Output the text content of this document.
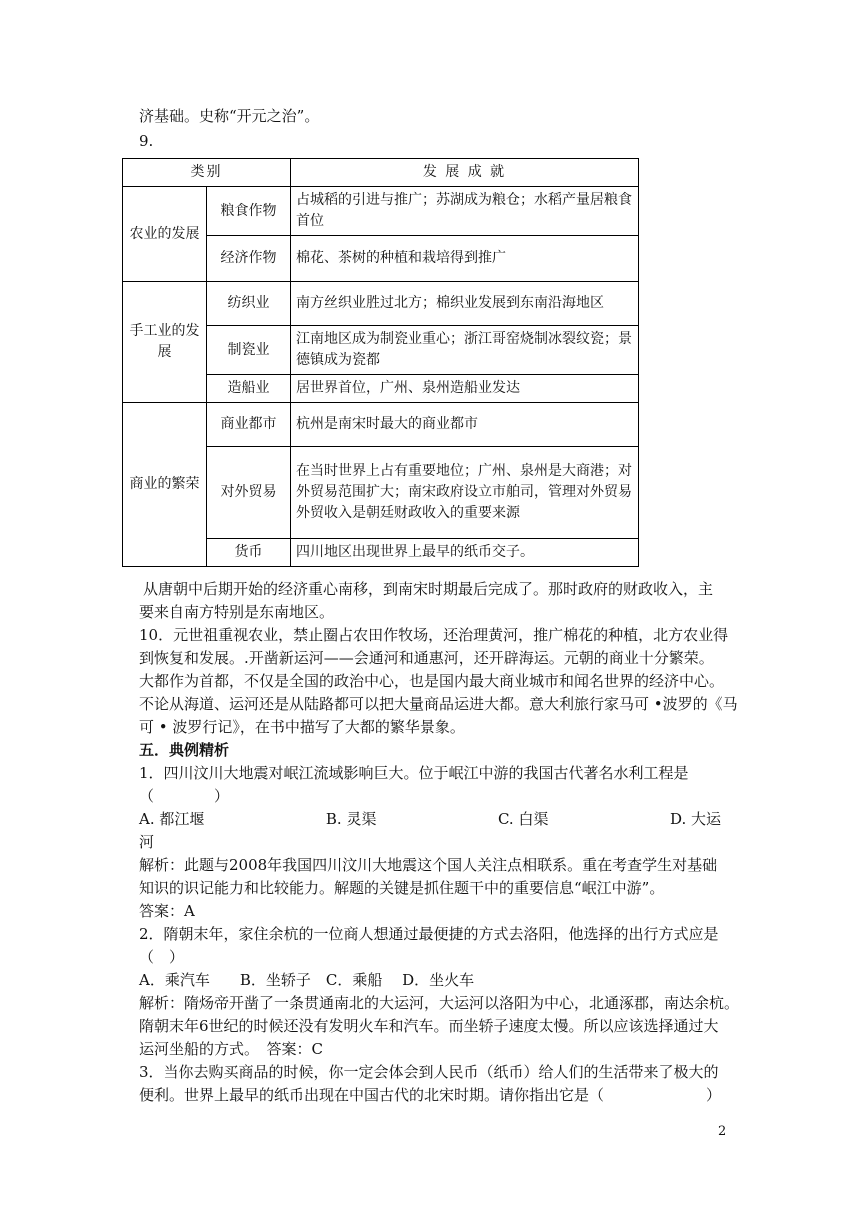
济基础。史称“开元之治”。
9.
类别		发 展 成 就
农业的发展	粮食作物	占城稻的引进与推广；苏湖成为粮仓；水稻产量居粮食首位
	经济作物	棉花、茶树的种植和栽培得到推广
手工业的发展	纺织业	南方丝织业胜过北方；棉织业发展到东南沿海地区
	制瓷业	江南地区成为制瓷业重心；浙江哥窑烧制冰裂纹瓷；景德镇成为瓷都
	造船业	居世界首位，广州、泉州造船业发达
商业的繁荣	商业都市	杭州是南宋时最大的商业都市
	对外贸易	在当时世界上占有重要地位；广州、泉州是大商港；对外贸易范围扩大；南宋政府设立市舶司，管理对外贸易
外贸收入是朝廷财政收入的重要来源

	货币	四川地区出现世界上最早的纸币交子。
从唐朝中后期开始的经济重心南移，到南宋时期最后完成了。那时政府的财政收入，主
要来自南方特别是东南地区。
10．元世祖重视农业，禁止圈占农田作牧场，还治理黄河，推广棉花的种植，北方农业得
到恢复和发展。.开凿新运河——会通河和通惠河，还开辟海运。元朝的商业十分繁荣。
大都作为首都，不仅是全国的政治中心，也是国内最大商业城市和闻名世界的经济中心。
不论从海道、运河还是从陆路都可以把大量商品运进大都。意大利旅行家马可 •波罗的《马
可 • 波罗行记》，在书中描写了大都的繁华景象。
五．典例精析
1．四川汶川大地震对岷江流域影响巨大。位于岷江中游的我国古代著名水利工程是
（　　　　）
A. 都江堰	B. 灵渠	C. 白渠	D. 大运
河
解析：此题与2008年我国四川汶川大地震这个国人关注点相联系。重在考查学生对基础
知识的识记能力和比较能力。解题的关键是抓住题干中的重要信息“岷江中游”。
答案：A
2．隋朝末年，家住余杭的一位商人想通过最便捷的方式去洛阳，他选择的出行方式应是
（　）
A．乘汽车　　B．坐轿子　C．乘船　 D．坐火车
解析：隋炀帝开凿了一条贯通南北的大运河，大运河以洛阳为中心，北通涿郡，南达余杭。
隋朝末年6世纪的时候还没有发明火车和汽车。而坐轿子速度太慢。所以应该选择通过大
运河坐船的方式。　答案：C
3．当你去购买商品的时候，你一定会体会到人民币（纸币）给人们的生活带来了极大的
便利。世界上最早的纸币出现在中国古代的北宋时期。请你指出它是（	）
2
